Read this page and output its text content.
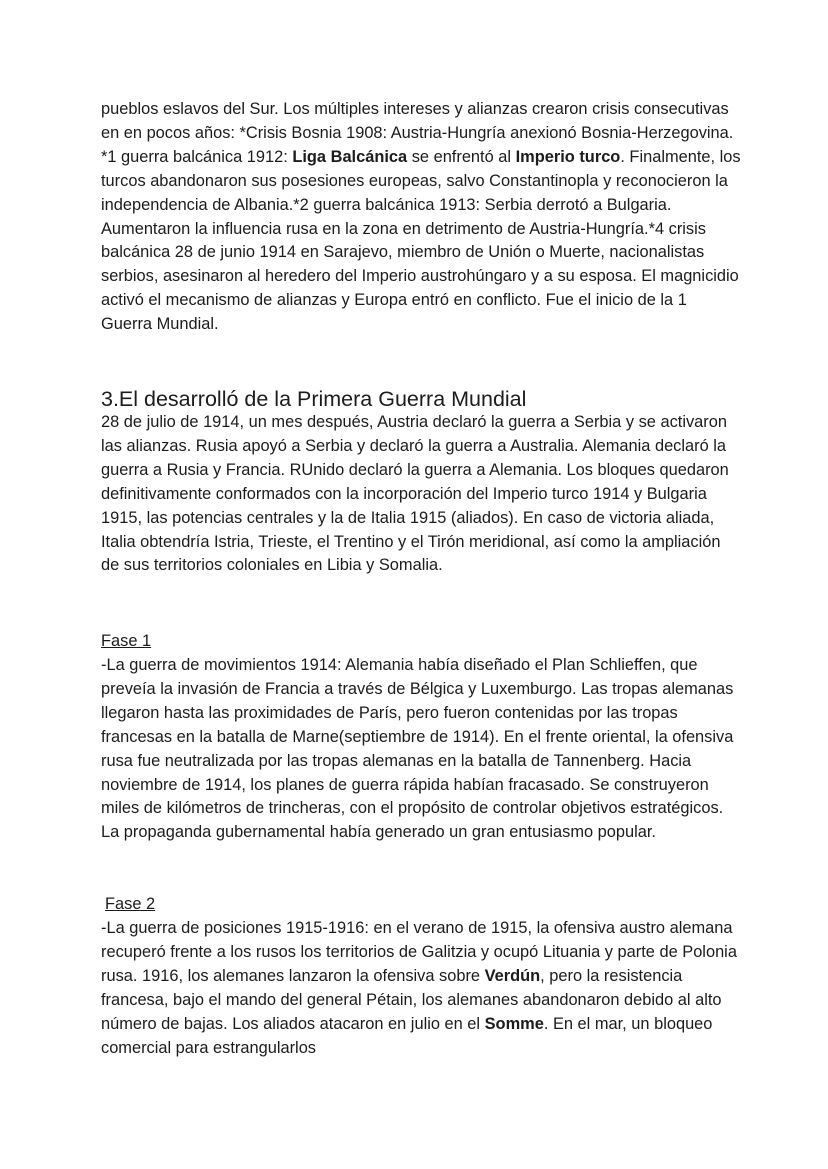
pueblos eslavos del Sur. Los múltiples intereses y alianzas crearon crisis consecutivas en en pocos años: *Crisis Bosnia 1908: Austria-Hungría anexionó Bosnia-Herzegovina. *1 guerra balcánica 1912: Liga Balcánica se enfrentó al Imperio turco. Finalmente, los turcos abandonaron sus posesiones europeas, salvo Constantinopla y reconocieron la independencia de Albania.*2 guerra balcánica 1913: Serbia derrotó a Bulgaria. Aumentaron la influencia rusa en la zona en detrimento de Austria-Hungría.*4 crisis balcánica 28 de junio 1914 en Sarajevo, miembro de Unión o Muerte, nacionalistas serbios, asesinaron al heredero del Imperio austrohúngaro y a su esposa. El magnicidio activó el mecanismo de alianzas y Europa entró en conflicto. Fue el inicio de la 1 Guerra Mundial.

3.El desarrolló de la Primera Guerra Mundial

28 de julio de 1914, un mes después, Austria declaró la guerra a Serbia y se activaron las alianzas. Rusia apoyó a Serbia y declaró la guerra a Australia. Alemania declaró la guerra a Rusia y Francia. RUnido declaró la guerra a Alemania. Los bloques quedaron definitivamente conformados con la incorporación del Imperio turco 1914 y Bulgaria 1915, las potencias centrales y la de Italia 1915 (aliados). En caso de victoria aliada, Italia obtendría Istria, Trieste, el Trentino y el Tirón meridional, así como la ampliación de sus territorios coloniales en Libia y Somalia.

Fase 1

-La guerra de movimientos 1914: Alemania había diseñado el Plan Schlieffen, que preveía la invasión de Francia a través de Bélgica y Luxemburgo. Las tropas alemanas llegaron hasta las proximidades de París, pero fueron contenidas por las tropas francesas en la batalla de Marne(septiembre de 1914). En el frente oriental, la ofensiva rusa fue neutralizada por las tropas alemanas en la batalla de Tannenberg. Hacia noviembre de 1914, los planes de guerra rápida habían fracasado. Se construyeron miles de kilómetros de trincheras, con el propósito de controlar objetivos estratégicos. La propaganda gubernamental había generado un gran entusiasmo popular.

Fase 2

-La guerra de posiciones 1915-1916: en el verano de 1915, la ofensiva austro alemana recuperó frente a los rusos los territorios de Galitzia y ocupó Lituania y parte de Polonia rusa. 1916, los alemanes lanzaron la ofensiva sobre Verdún, pero la resistencia francesa, bajo el mando del general Pétain, los alemanes abandonaron debido al alto número de bajas. Los aliados atacaron en julio en el Somme. En el mar, un bloqueo comercial para estrangularlos
